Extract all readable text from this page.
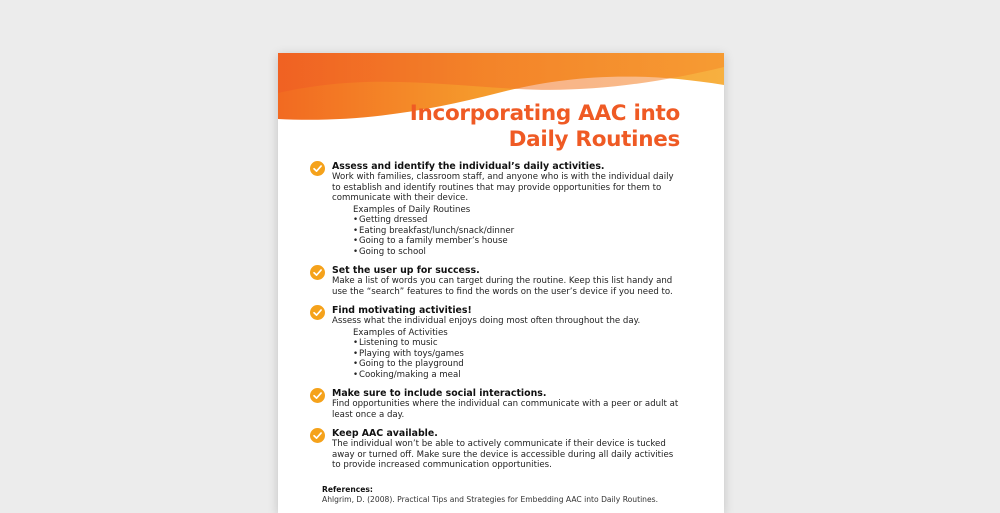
Incorporating AAC into
Daily Routines
Assess and identify the individual’s daily activities.
Work with families, classroom staff, and anyone who is with the individual daily to establish and identify routines that may provide opportunities for them to communicate with their device.
Examples of Daily Routines
• Getting dressed
• Eating breakfast/lunch/snack/dinner
• Going to a family member’s house
• Going to school
Set the user up for success.
Make a list of words you can target during the routine. Keep this list handy and use the “search” features to find the words on the user’s device if you need to.
Find motivating activities!
Assess what the individual enjoys doing most often throughout the day.
Examples of Activities
• Listening to music
• Playing with toys/games
• Going to the playground
• Cooking/making a meal
Make sure to include social interactions.
Find opportunities where the individual can communicate with a peer or adult at least once a day.
Keep AAC available.
The individual won’t be able to actively communicate if their device is tucked away or turned off. Make sure the device is accessible during all daily activities to provide increased communication opportunities.
References:
Ahlgrim, D. (2008). Practical Tips and Strategies for Embedding AAC into Daily Routines.
